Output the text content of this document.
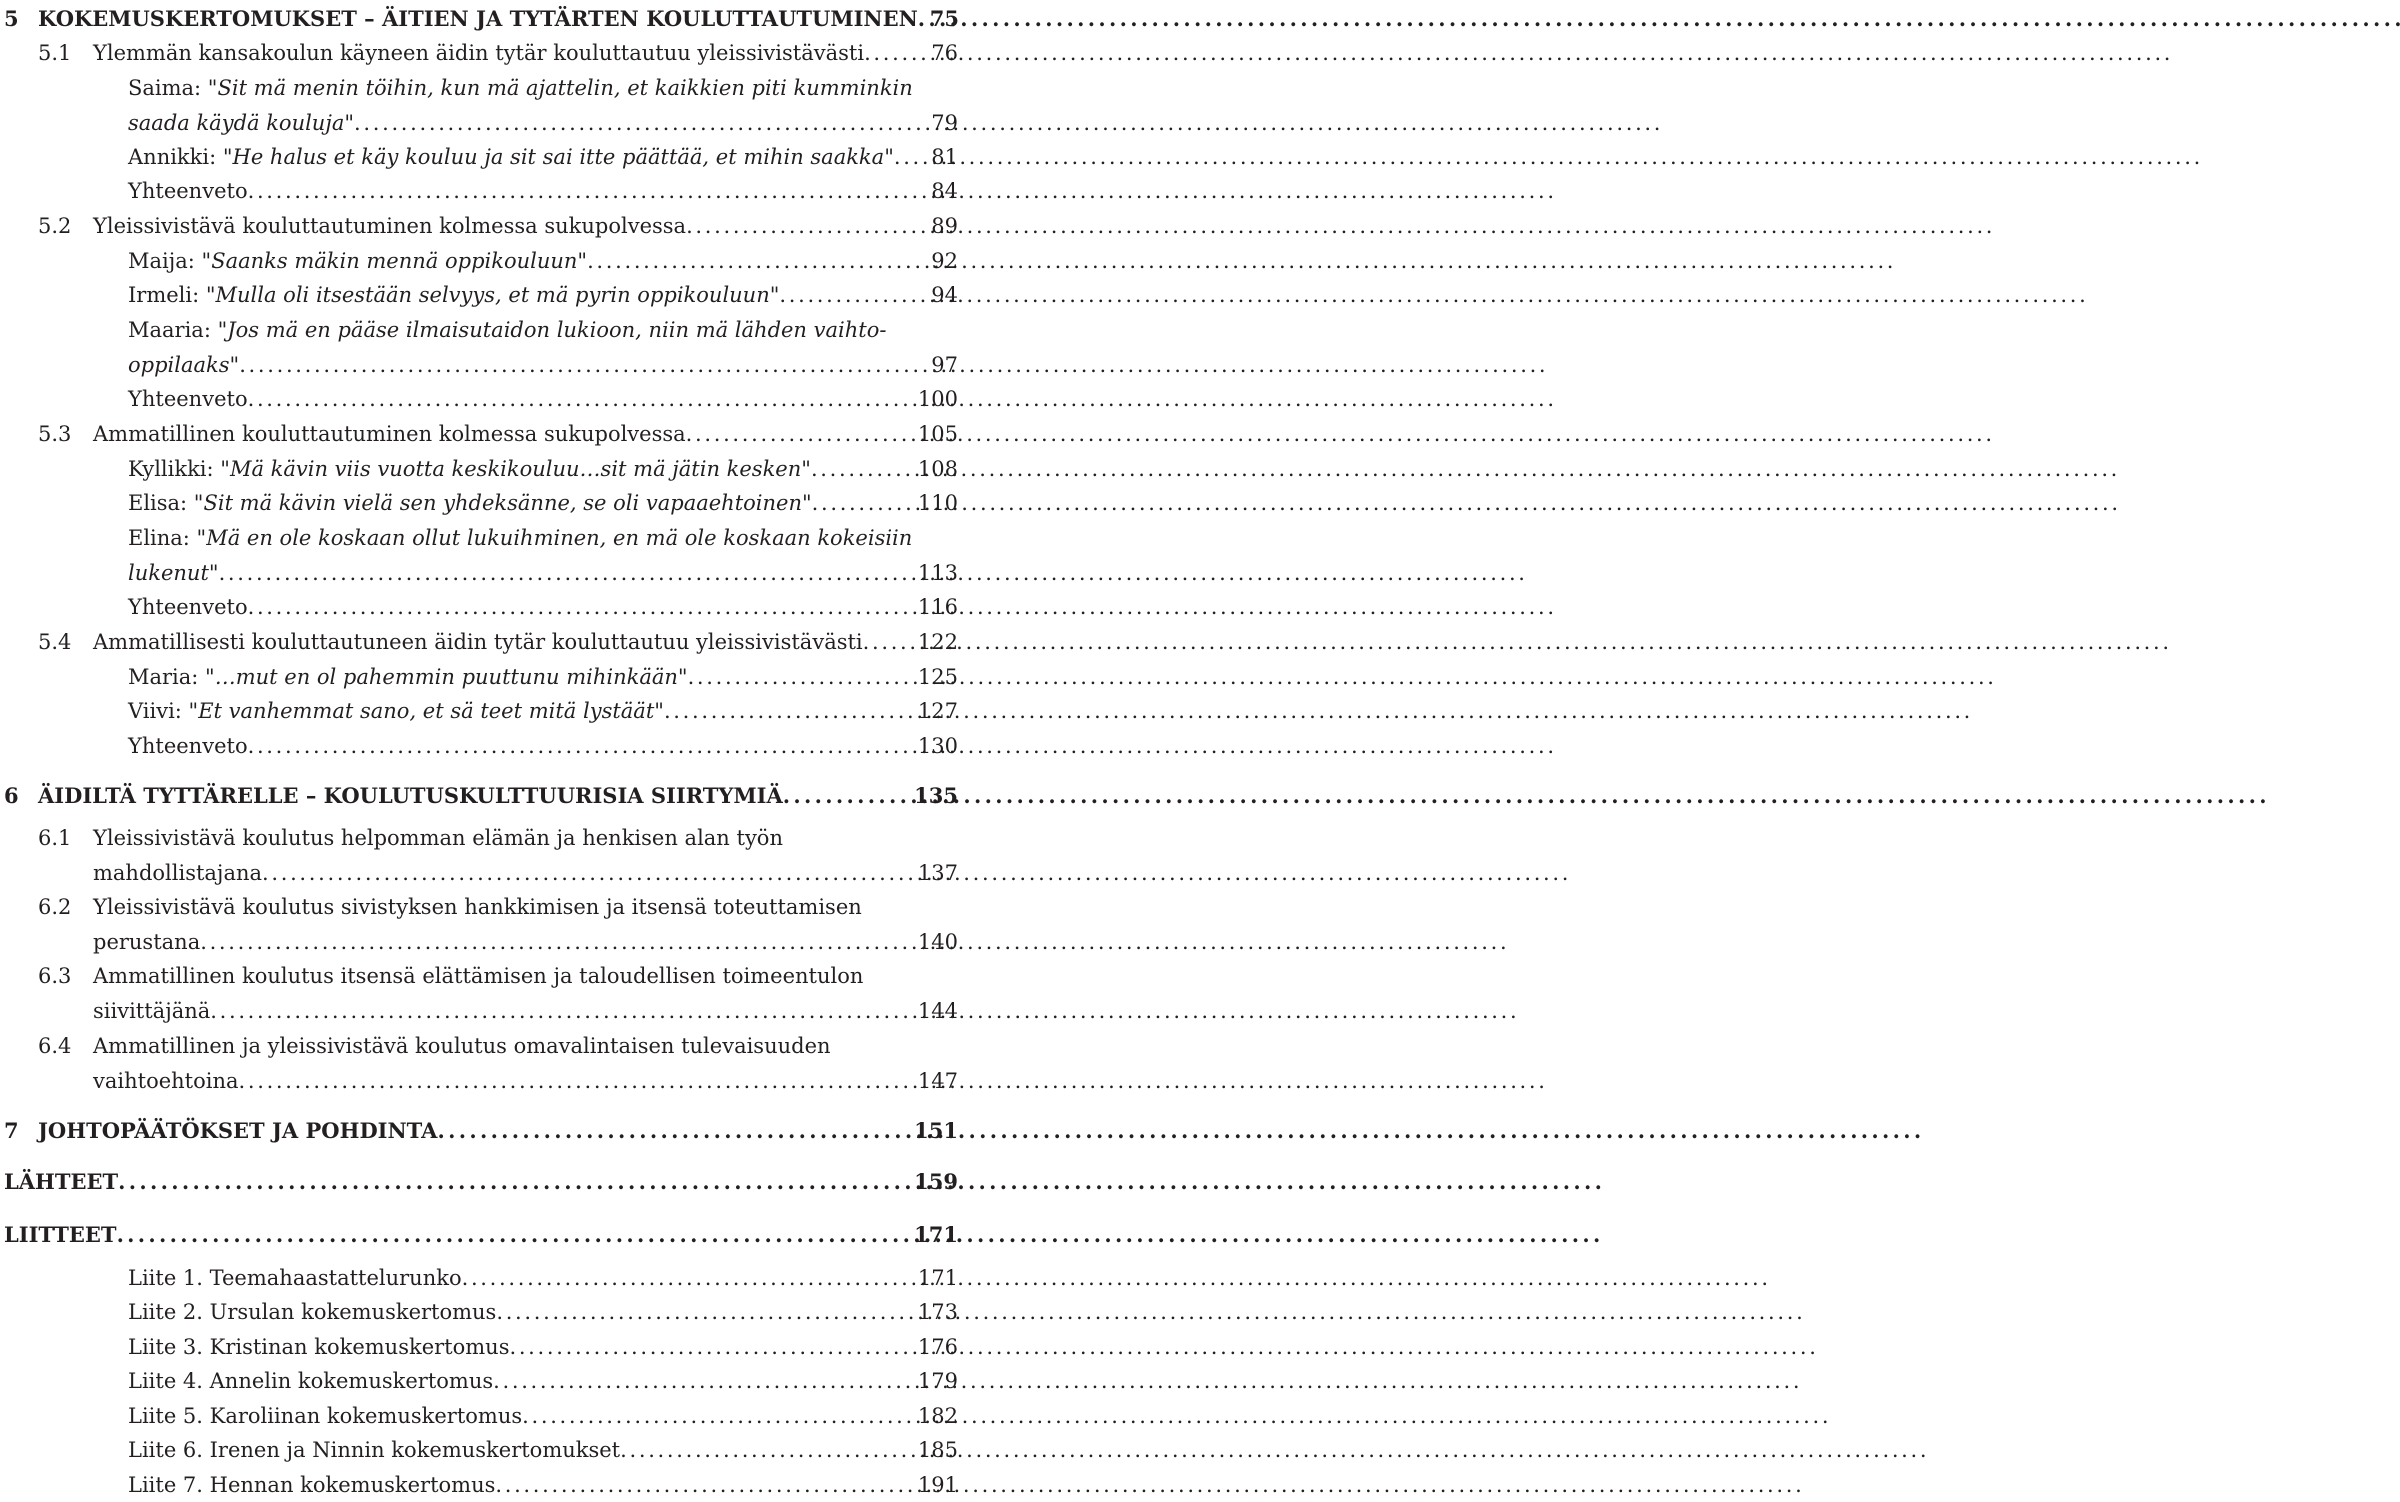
5 KOKEMUSKERTOMUKSET – ÄITIEN JA TYTÄRTEN KOULUTTAUTUMINEN . . . 75
5.1 Ylemmän kansakoulun käyneen äidin tytär kouluttautuu yleissivistävästi . . .	76
Saima: "Sit mä menin töihin, kun mä ajattelin, et kaikkien piti kumminkin
saada käydä kouluja" . . .	79
Annikki: "He halus et käy kouluu ja sit sai itte päättää, et mihin saakka" . . . 81
Yhteenveto . . .	84
5.2 Yleissivistävä kouluttautuminen kolmessa sukupolvessa . . .	89
Maija: "Saanks mäkin mennä oppikouluun" . . .	92
Irmeli: "Mulla oli itsestään selvyys, et mä pyrin oppikouluun" . . .	94
Maaria: "Jos mä en pääse ilmaisutaidon lukioon, niin mä lähden vaihto-
oppilaaks" . . .	97
Yhteenveto . . .	100
5.3 Ammatillinen kouluttautuminen kolmessa sukupolvessa . . .	105
Kyllikki: "Mä kävin viis vuotta keskikouluu…sit mä jätin kesken" . . .	108
Elisa: "Sit mä kävin vielä sen yhdeksänne, se oli vapaaehtoinen" . . .	110
Elina: "Mä en ole koskaan ollut lukuihminen, en mä ole koskaan kokeisiin
lukenut" . . .	113
Yhteenveto . . .	116
5.4 Ammatillisesti kouluttautuneen äidin tytär kouluttautuu yleissivistävästi . . .	122
Maria: "…mut en ol pahemmin puuttunu mihinkään" . . .	125
Viivi: "Et vanhemmat sano, et sä teet mitä lystäät" . . .	127
Yhteenveto . . .	130
6 ÄIDILTÄ TYTTÄRELLE – KOULUTUSKULTTUURISIA SIIRTYMIÄ . . .	135
6.1 Yleissivistävä koulutus helpomman elämän ja henkisen alan työn
mahdollistajana . . .	137
6.2 Yleissivistävä koulutus sivistyksen hankkimisen ja itsensä toteuttamisen
perustana . . .	140
6.3 Ammatillinen koulutus itsensä elättämisen ja taloudellisen toimeentulon
siivittäjänä . . .	144
6.4 Ammatillinen ja yleissivistävä koulutus omavalintaisen tulevaisuuden
vaihtoehtoina . . .	147
7 JOHTOPÄÄTÖKSET JA POHDINTA . . .	151
LÄHTEET . . .	159
LIITTEET . . .	171
Liite 1. Teemahaastattelurunko . . .	171
Liite 2. Ursulan kokemuskertomus . . .	173
Liite 3. Kristinan kokemuskertomus . . .	176
Liite 4. Annelin kokemuskertomus . . .	179
Liite 5. Karoliinan kokemuskertomus . . .	182
Liite 6. Irenen ja Ninnin kokemuskertomukset . . .	185
Liite 7. Hennan kokemuskertomus . . .	191
